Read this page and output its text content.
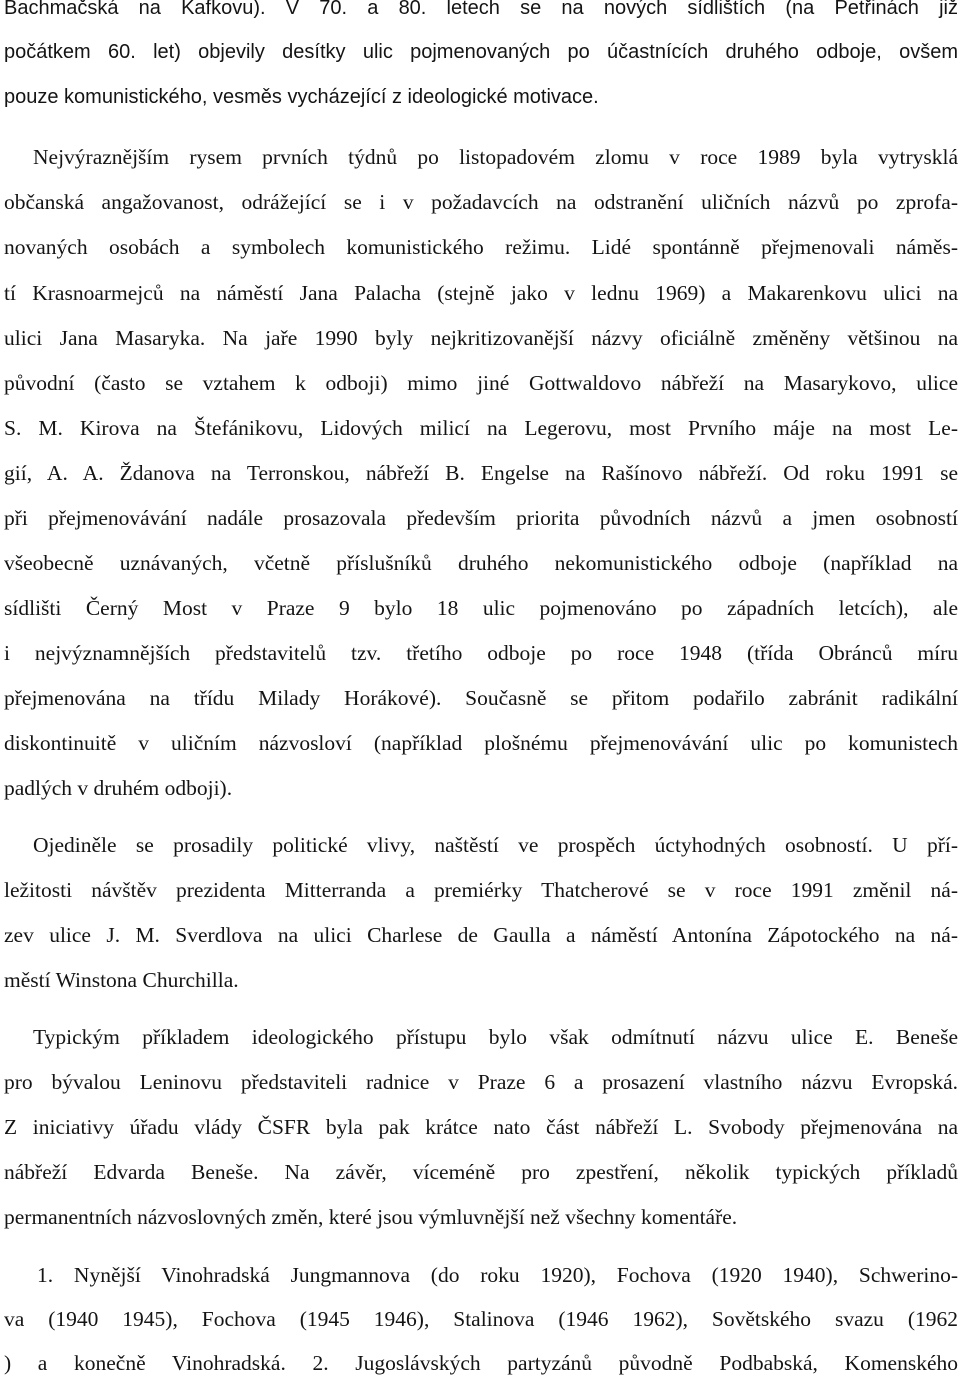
Bachmačská na Kafkovu). V 70. a 80. letech se na nových sídlištích (na Petřinách již
počátkem 60. let) objevily desítky ulic pojmenovaných po účastnících druhého odboje, ovšem
pouze komunistického, vesměs vycházející z ideologické motivace.
Nejvýraznějším rysem prvních týdnů po listopadovém zlomu v roce 1989 byla vytrysklá
občanská angažovanost, odrážející se i v požadavcích na odstranění uličních názvů po zprofa-
novaných osobách a symbolech komunistického režimu. Lidé spontánně přejmenovali náměs-
tí Krasnoarmejců na náměstí Jana Palacha (stejně jako v lednu 1969) a Makarenkovu ulici na
ulici Jana Masaryka. Na jaře 1990 byly nejkritizovanější názvy oficiálně změněny většinou na
původní (často se vztahem k odboji) mimo jiné Gottwaldovo nábřeží na Masarykovo, ulice
S. M. Kirova na Štefánikovu, Lidových milicí na Legerovu, most Prvního máje na most Le-
gií, A. A. Ždanova na Terronskou, nábřeží B. Engelse na Rašínovo nábřeží. Od roku 1991 se
při přejmenovávání nadále prosazovala především priorita původních názvů a jmen osobností
všeobecně uznávaných, včetně příslušníků druhého nekomunistického odboje (například na
sídlišti Černý Most v Praze 9 bylo 18 ulic pojmenováno po západních letcích), ale
i nejvýznamnějších představitelů tzv. třetího odboje po roce 1948 (třída Obránců míru
přejmenována na třídu Milady Horákové). Současně se přitom podařilo zabránit radikální
diskontinuitě v uličním názvosloví (například plošnému přejmenovávání ulic po komunistech
padlých v druhém odboji).
Ojediněle se prosadily politické vlivy, naštěstí ve prospěch úctyhodných osobností. U pří-
ležitosti návštěv prezidenta Mitterranda a premiérky Thatcherové se v roce 1991 změnil ná-
zev ulice J. M. Sverdlova na ulici Charlese de Gaulla a náměstí Antonína Zápotockého na ná-
městí Winstona Churchilla.
Typickým příkladem ideologického přístupu bylo však odmítnutí názvu ulice E. Beneše
pro bývalou Leninovu představiteli radnice v Praze 6 a prosazení vlastního názvu Evropská.
Z iniciativy úřadu vlády ČSFR byla pak krátce nato část nábřeží L. Svobody přejmenována na
nábřeží Edvarda Beneše. Na závěr, víceméně pro zpestření, několik typických příkladů
permanentních názvoslovných změn, které jsou výmluvnější než všechny komentáře.
1. Nynější Vinohradská Jungmannova (do roku 1920), Fochova (1920 1940), Schwerino-
va (1940 1945), Fochova (1945 1946), Stalinova (1946 1962), Sovětského svazu (1962
) a konečně Vinohradská. 2. Jugoslávských partyzánů původně Podbabská, Komenského
